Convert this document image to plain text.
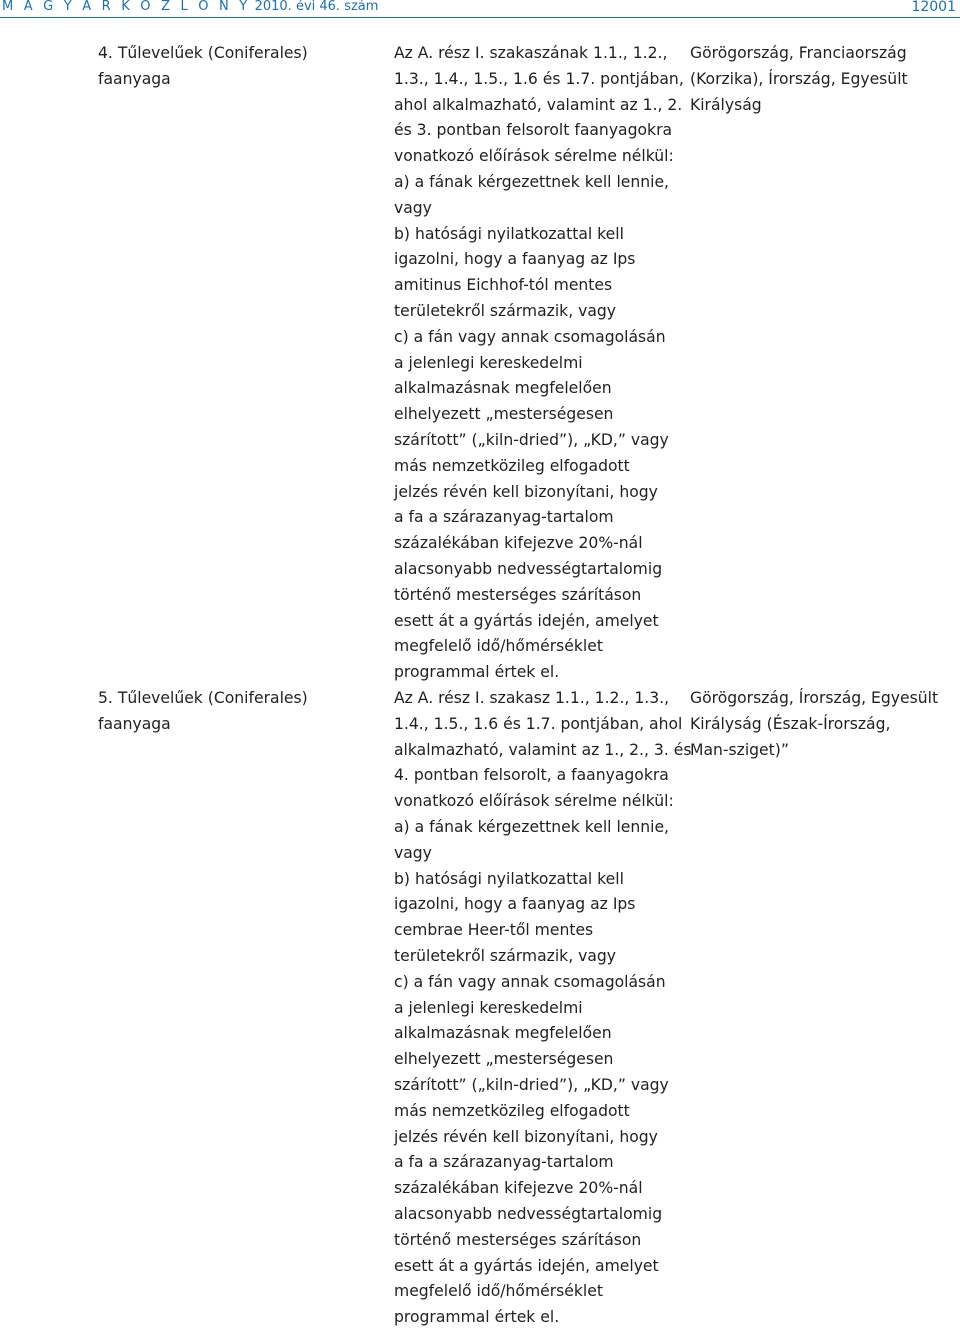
M A G Y A R K Ö Z L Ö N Y 2010. évi 46. szám	12001
4. Tűlevelűek (Coniferales)
faanyaga
Az A. rész I. szakaszának 1.1., 1.2.,
1.3., 1.4., 1.5., 1.6 és 1.7. pontjában,
ahol alkalmazható, valamint az 1., 2.
és 3. pontban felsorolt faanyagokra
vonatkozó előírások sérelme nélkül:
a) a fának kérgezettnek kell lennie,
vagy
b) hatósági nyilatkozattal kell
igazolni, hogy a faanyag az Ips
amitinus Eichhof-tól mentes
területekről származik, vagy
c) a fán vagy annak csomagolásán
a jelenlegi kereskedelmi
alkalmazásnak megfelelően
elhelyezett „mesterségesen
szárított” („kiln-dried”), „KD,” vagy
más nemzetközileg elfogadott
jelzés révén kell bizonyítani, hogy
a fa a szárazanyag-tartalom
százalékában kifejezve 20%-nál
alacsonyabb nedvességtartalomig
történő mesterséges szárításon
esett át a gyártás idején, amelyet
megfelelő idő/hőmérséklet
programmal értek el.
Görögország, Franciaország
(Korzika), Írország, Egyesült
Királyság
5. Tűlevelűek (Coniferales)
faanyaga
Az A. rész I. szakasz 1.1., 1.2., 1.3.,
1.4., 1.5., 1.6 és 1.7. pontjában, ahol
alkalmazható, valamint az 1., 2., 3. és
4. pontban felsorolt, a faanyagokra
vonatkozó előírások sérelme nélkül:
a) a fának kérgezettnek kell lennie,
vagy
b) hatósági nyilatkozattal kell
igazolni, hogy a faanyag az Ips
cembrae Heer-től mentes
területekről származik, vagy
c) a fán vagy annak csomagolásán
a jelenlegi kereskedelmi
alkalmazásnak megfelelően
elhelyezett „mesterségesen
szárított” („kiln-dried”), „KD,” vagy
más nemzetközileg elfogadott
jelzés révén kell bizonyítani, hogy
a fa a szárazanyag-tartalom
százalékában kifejezve 20%-nál
alacsonyabb nedvességtartalomig
történő mesterséges szárításon
esett át a gyártás idején, amelyet
megfelelő idő/hőmérséklet
programmal értek el.
Görögország, Írország, Egyesült
Királyság (Észak-Írország,
Man-sziget)”
